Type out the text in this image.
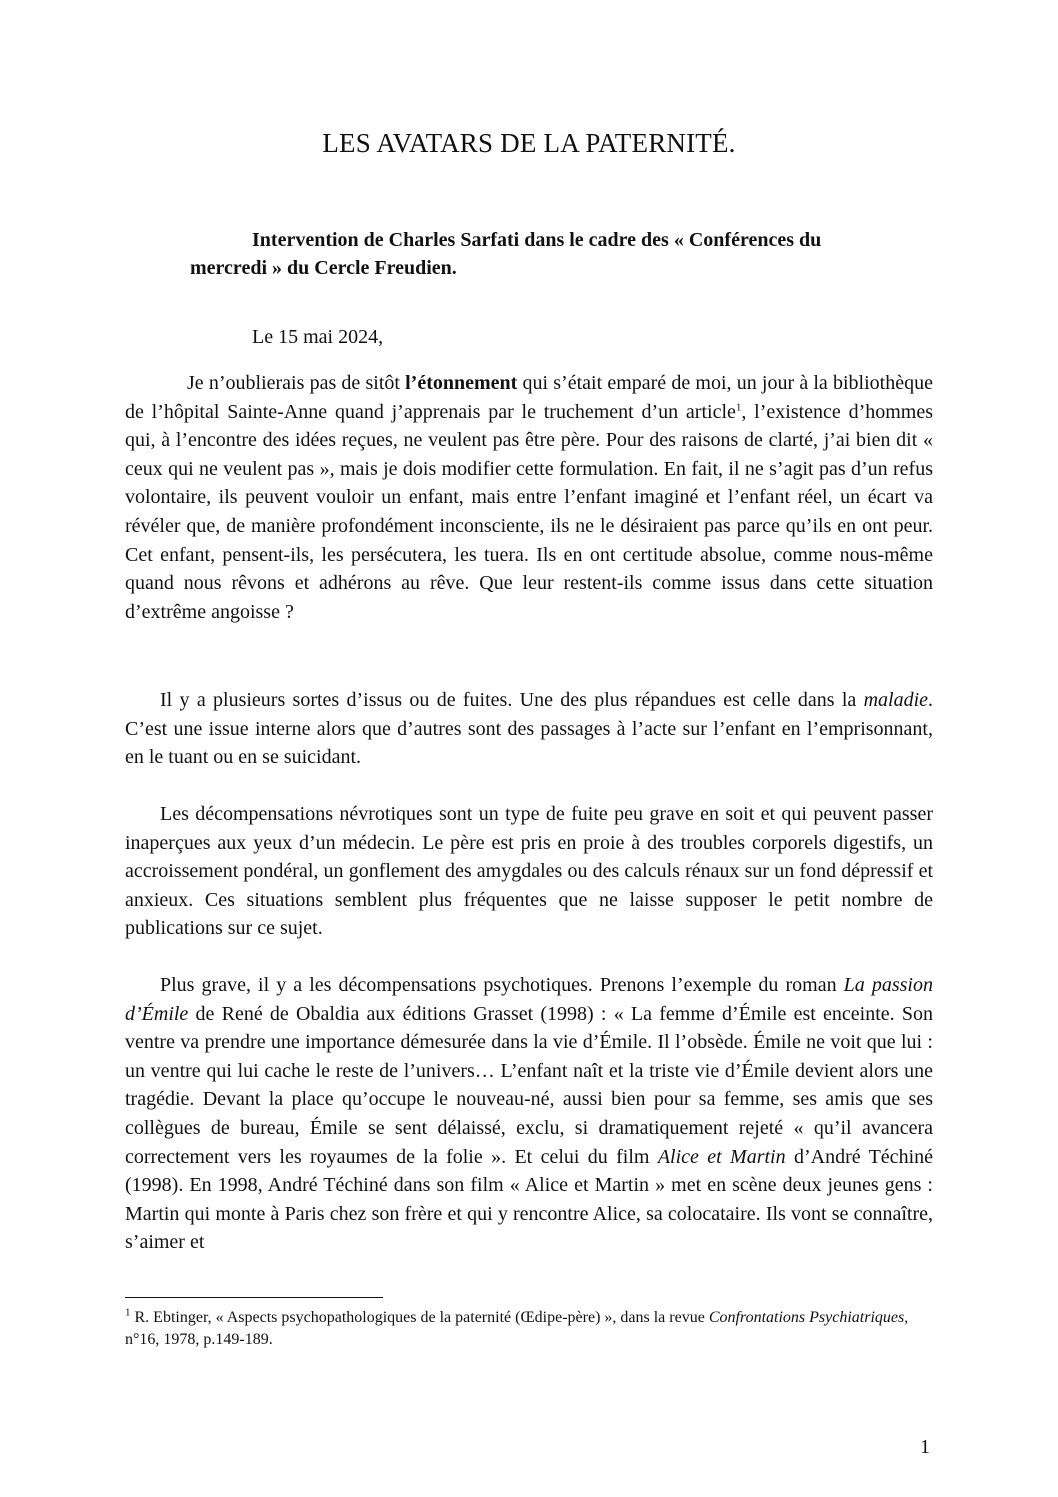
LES AVATARS DE LA PATERNITÉ.
Intervention de Charles Sarfati dans le cadre des « Conférences du
mercredi » du Cercle Freudien.
Le 15 mai 2024,

Je n’oublierais pas de sitôt l’étonnement qui s’était emparé de moi, un jour à la bibliothèque de l’hôpital Sainte-Anne quand j’apprenais par le truchement d’un article$^1$, l’existence d’hommes qui, à l’encontre des idées reçues, ne veulent pas être père. Pour des raisons de clarté, j’ai bien dit « ceux qui ne veulent pas », mais je dois modifier cette formulation. En fait, il ne s’agit pas d’un refus volontaire, ils peuvent vouloir un enfant, mais entre l’enfant imaginé et l’enfant réel, un écart va révéler que, de manière profondément inconsciente, ils ne le désiraient pas parce qu’ils en ont peur. Cet enfant, pensent-ils, les persécutera, les tuera. Ils en ont certitude absolue, comme nous-même quand nous rêvons et adhérons au rêve. Que leur restent-ils comme issus dans cette situation d’extrême angoisse ?

Il y a plusieurs sortes d’issus ou de fuites. Une des plus répandues est celle dans la maladie. C’est une issue interne alors que d’autres sont des passages à l’acte sur l’enfant en l’emprisonnant, en le tuant ou en se suicidant.

Les décompensations névrotiques sont un type de fuite peu grave en soit et qui peuvent passer inaperçues aux yeux d’un médecin. Le père est pris en proie à des troubles corporels digestifs, un accroissement pondéral, un gonflement des amygdales ou des calculs rénaux sur un fond dépressif et anxieux. Ces situations semblent plus fréquentes que ne laisse supposer le petit nombre de publications sur ce sujet.

Plus grave, il y a les décompensations psychotiques. Prenons l’exemple du roman La passion d’Émile de René de Obaldia aux éditions Grasset (1998) : « La femme d’Émile est enceinte. Son ventre va prendre une importance démesurée dans la vie d’Émile. Il l’obsède. Émile ne voit que lui : un ventre qui lui cache le reste de l’univers… L’enfant naît et la triste vie d’Émile devient alors une tragédie. Devant la place qu’occupe le nouveau-né, aussi bien pour sa femme, ses amis que ses collègues de bureau, Émile se sent délaissé, exclu, si dramatiquement rejeté « qu’il avancera correctement vers les royaumes de la folie ». Et celui du film Alice et Martin d’André Téchiné (1998). En 1998, André Téchiné dans son film « Alice et Martin » met en scène deux jeunes gens : Martin qui monte à Paris chez son frère et qui y rencontre Alice, sa colocataire. Ils vont se connaître, s’aimer et

$^1$ R. Ebtinger, « Aspects psychopathologiques de la paternité (Œdipe-père) », dans la revue Confrontations Psychiatriques, n°16, 1978, p.149-189.
1
